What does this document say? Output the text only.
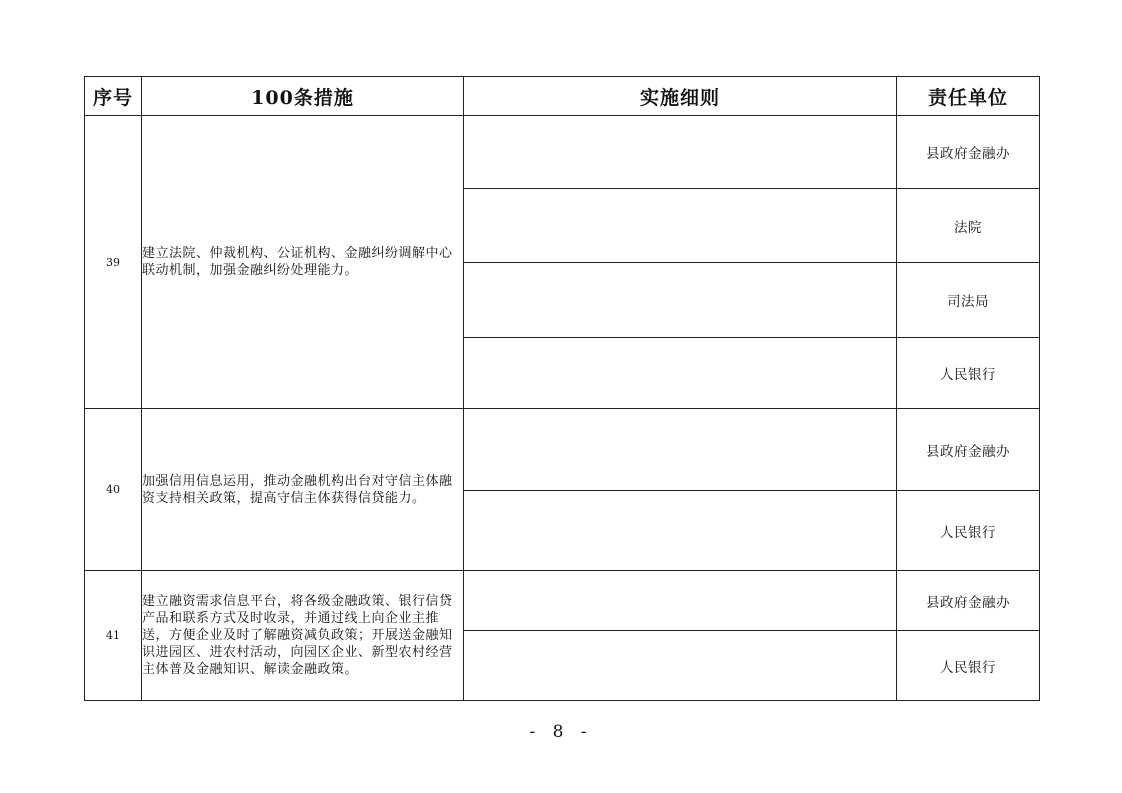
序号	100条措施	实施细则	责任单位
39	建立法院、仲裁机构、公证机构、金融纠纷调解中心联动机制，加强金融纠纷处理能力。		县政府金融办
			法院
			司法局
			人民银行
40	加强信用信息运用，推动金融机构出台对守信主体融资支持相关政策，提高守信主体获得信贷能力。		县政府金融办
			人民银行
41	建立融资需求信息平台，将各级金融政策、银行信贷产品和联系方式及时收录，并通过线上向企业主推送，方便企业及时了解融资减负政策；开展送金融知识进园区、进农村活动，向园区企业、新型农村经营主体普及金融知识、解读金融政策。		县政府金融办
			人民银行
- 8 -
